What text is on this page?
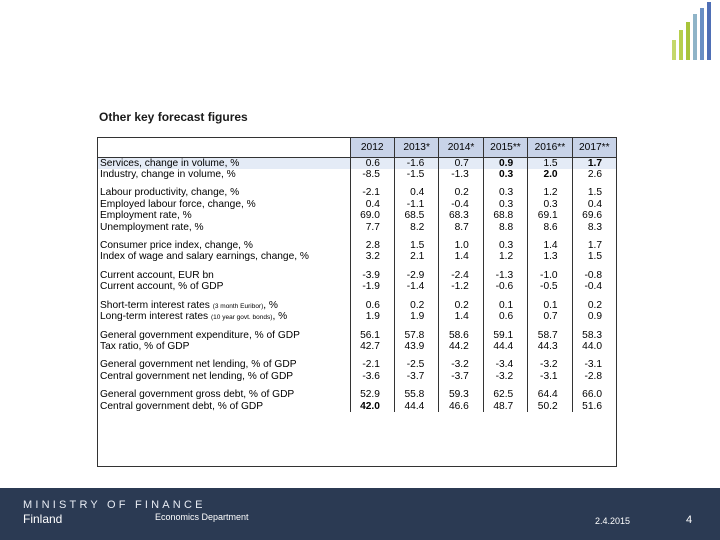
Other key forecast figures
	2012	2013*	2014*	2015**	2016**	2017**
Services, change in volume, %	0.6	-1.6	0.7	0.9	1.5	1.7
Industry, change in volume, %	-8.5	-1.5	-1.3	0.3	2.0	2.6

Labour productivity, change, %	-2.1	0.4	0.2	0.3	1.2	1.5
Employed labour force, change, %	0.4	-1.1	-0.4	0.3	0.3	0.4
Employment rate, %	69.0	68.5	68.3	68.8	69.1	69.6
Unemployment rate, %	7.7	8.2	8.7	8.8	8.6	8.3

Consumer price index, change, %	2.8	1.5	1.0	0.3	1.4	1.7
Index of wage and salary earnings, change, %	3.2	2.1	1.4	1.2	1.3	1.5

Current account, EUR bn	-3.9	-2.9	-2.4	-1.3	-1.0	-0.8
Current account, % of GDP	-1.9	-1.4	-1.2	-0.6	-0.5	-0.4

Short-term interest rates (3 month Euribor), %	0.6	0.2	0.2	0.1	0.1	0.2
Long-term interest rates (10 year govt. bonds), %	1.9	1.9	1.4	0.6	0.7	0.9

General government expenditure, % of GDP	56.1	57.8	58.6	59.1	58.7	58.3
Tax ratio, % of GDP	42.7	43.9	44.2	44.4	44.3	44.0

General government net lending, % of GDP	-2.1	-2.5	-3.2	-3.4	-3.2	-3.1
Central government net lending, % of GDP	-3.6	-3.7	-3.7	-3.2	-3.1	-2.8

General government gross debt, % of GDP	52.9	55.8	59.3	62.5	64.4	66.0
Central government debt, % of GDP	42.0	44.4	46.6	48.7	50.2	51.6
MINISTRY OF FINANCE
Finland	Economics Department	2.4.2015	4
